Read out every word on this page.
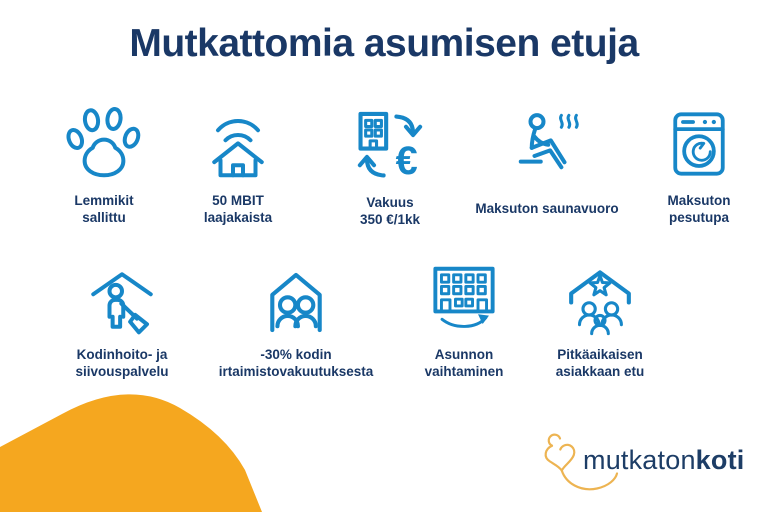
Mutkattomia asumisen etuja
Lemmikit
sallittu
50 MBIT
laajakaista
€
Vakuus
350 €/1kk
Maksuton saunavuoro
Maksuton
pesutupa
Kodinhoito- ja
siivouspalvelu
-30% kodin
irtaimistovakuutuksesta
Asunnon
vaihtaminen
Pitkäaikaisen
asiakkaan etu
mutkatonkoti
